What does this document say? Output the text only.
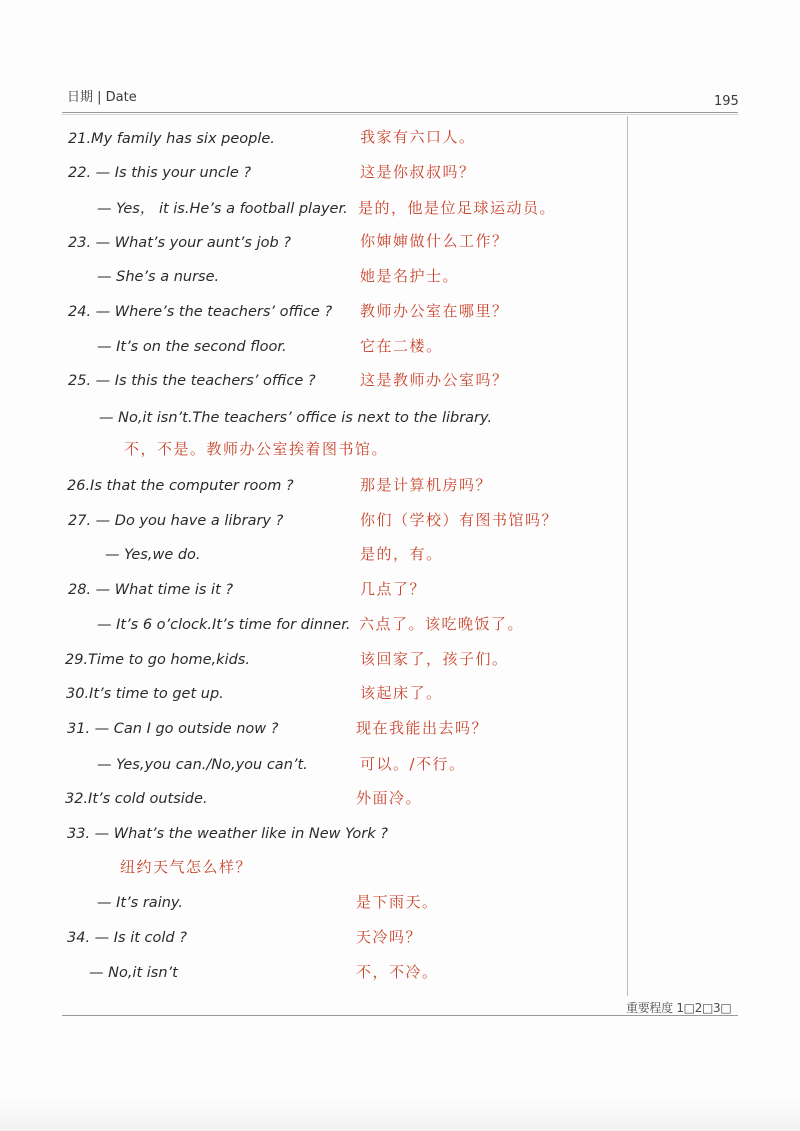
日期 | Date	195
21.My family has six people.	我家有六口人。
22. — Is this your uncle ?	这是你叔叔吗？
— Yes， it is.He’s a football player. 是的，他是位足球运动员。
23. — What’s your aunt’s job ?	你婶婶做什么工作？
— She’s a nurse.	她是名护士。
24. — Where’s the teachers’ office ? 教师办公室在哪里？
— It’s on the second floor.	它在二楼。
25. — Is this the teachers’ office ?	这是教师办公室吗？
— No,it isn’t.The teachers’ office is next to the library.
不，不是。教师办公室挨着图书馆。
26.Is that the computer room ?	那是计算机房吗？
27. — Do you have a library ?	你们（学校）有图书馆吗？
— Yes,we do.	是的，有。
28. — What time is it ?	几点了？
— It’s 6 o’clock.It’s time for dinner. 六点了。该吃晚饭了。
29.Time to go home,kids.	该回家了，孩子们。
30.It’s time to get up.	该起床了。
31. — Can I go outside now ?	现在我能出去吗？
— Yes,you can./No,you can’t.	可以。/不行。
32.It’s cold outside.	外面冷。
33. — What’s the weather like in New York ?
纽约天气怎么样？
— It’s rainy.	是下雨天。
34. — Is it cold ?	天冷吗？
— No,it isn’t	不，不冷。
重要程度 1□2□3□
